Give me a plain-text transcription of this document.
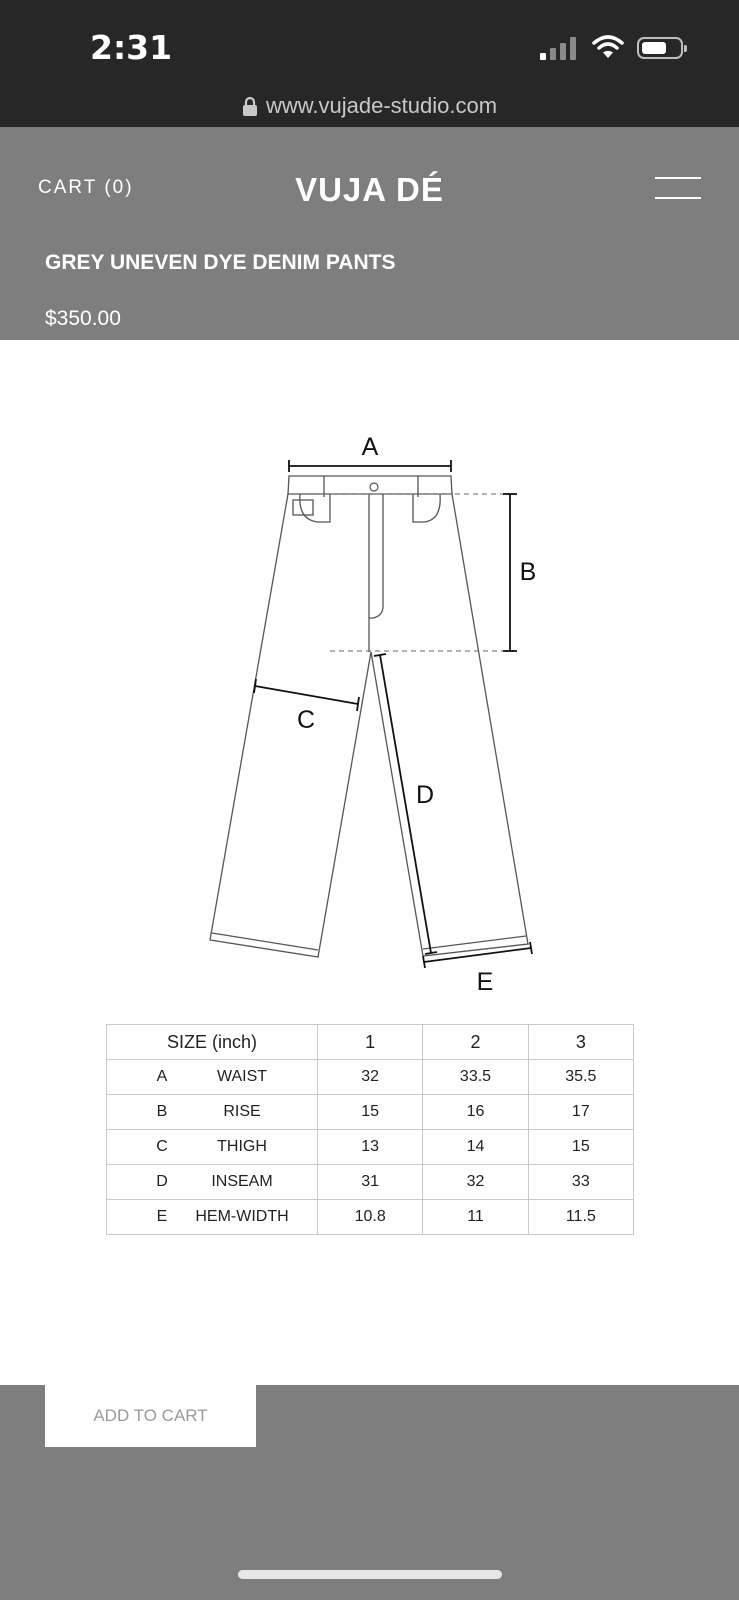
2:31
www.vujade-studio.com
CART (0)	VUJA DÉ
GREY UNEVEN DYE DENIM PANTS
$350.00
A
B
C
D
E
SIZE (inch)	1	2	3
A WAIST	32	33.5	35.5
B RISE	15	16	17
C THIGH	13	14	15
D INSEAM	31	32	33
E HEM-WIDTH	10.8	11	11.5
ADD TO CART
